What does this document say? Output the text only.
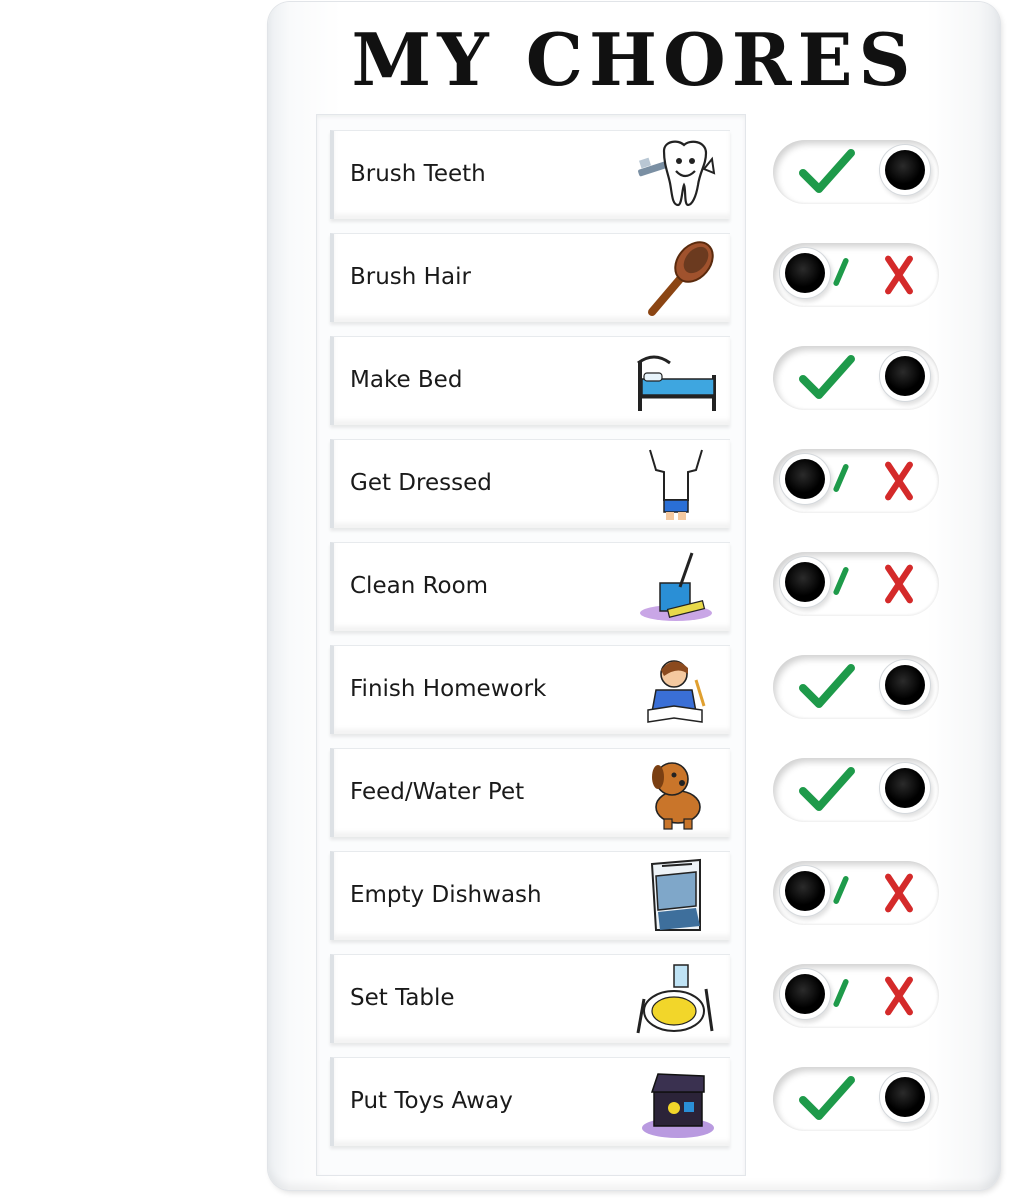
MY CHORES
Brush Teeth
Brush Hair
Make Bed
Get Dressed
Clean Room
Finish Homework
Feed/Water Pet
Empty Dishwash
Set Table
Put Toys Away
